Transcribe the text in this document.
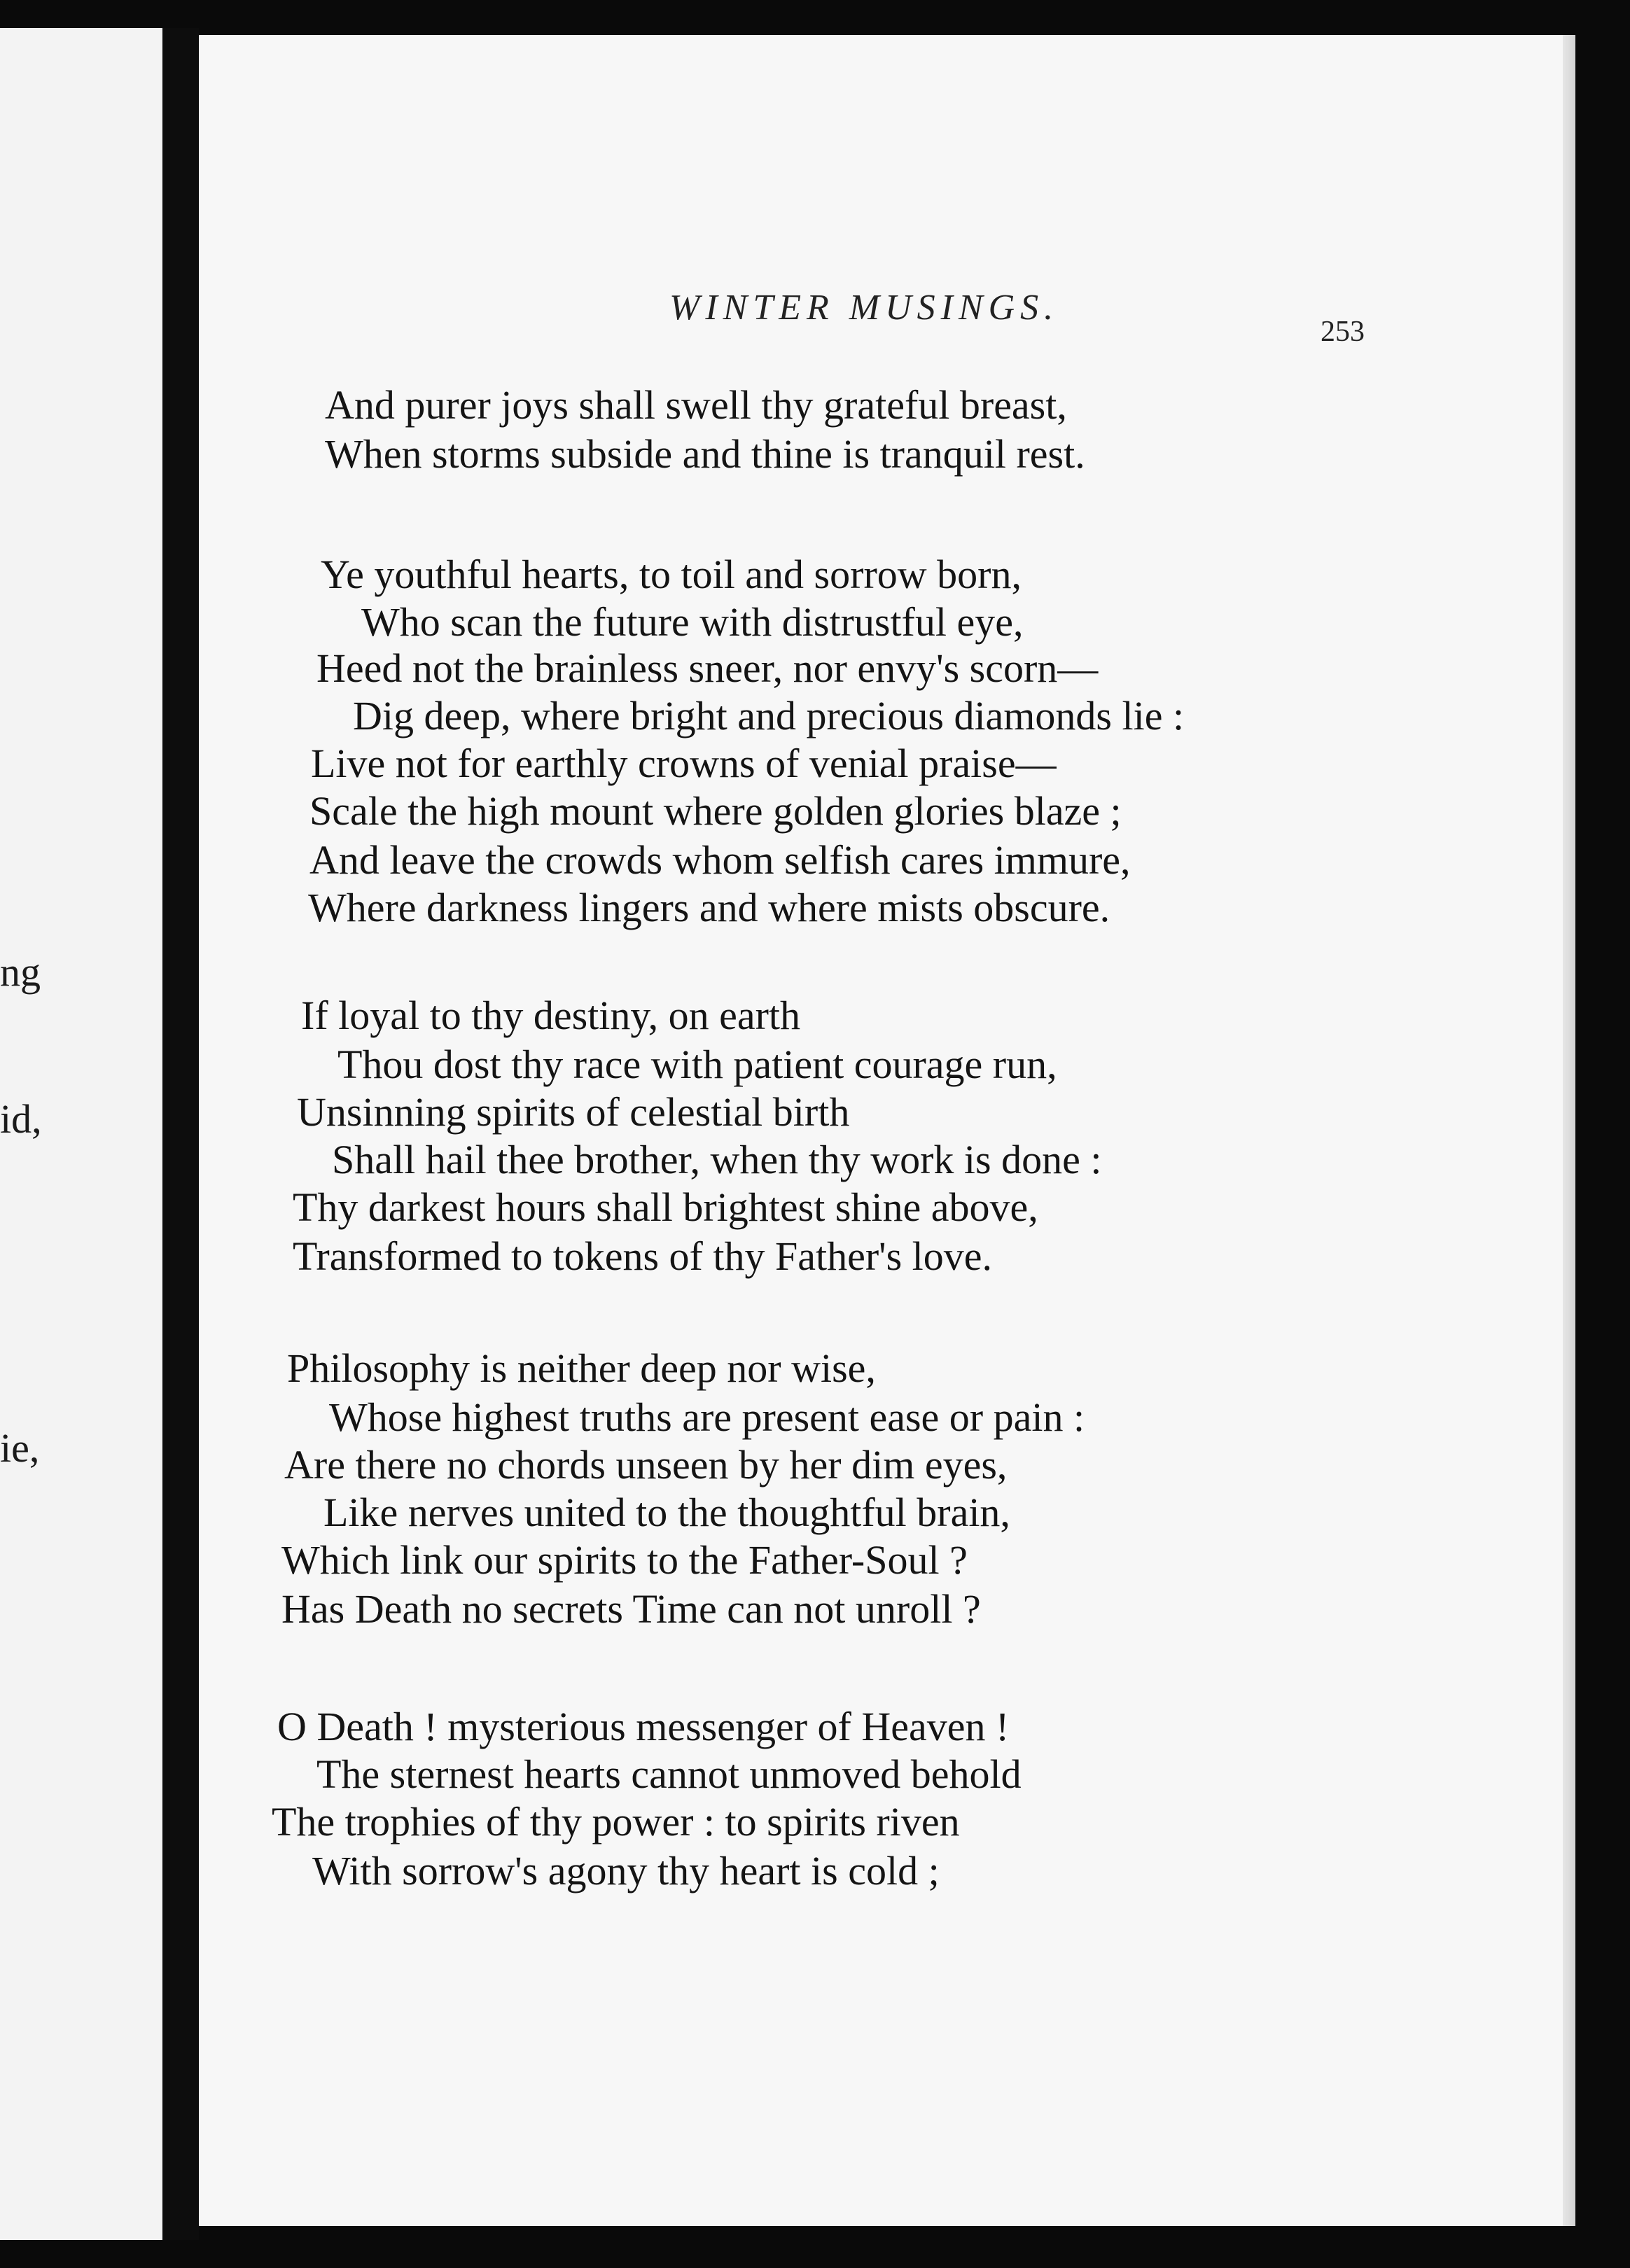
ng
id,
ie,
WINTER MUSINGS.
253
And purer joys shall swell thy grateful breast,
When storms subside and thine is tranquil rest.
Ye youthful hearts, to toil and sorrow born,
Who scan the future with distrustful eye,
Heed not the brainless sneer, nor envy's scorn—
Dig deep, where bright and precious diamonds lie :
Live not for earthly crowns of venial praise—
Scale the high mount where golden glories blaze ;
And leave the crowds whom selfish cares immure,
Where darkness lingers and where mists obscure.
If loyal to thy destiny, on earth
Thou dost thy race with patient courage run,
Unsinning spirits of celestial birth
Shall hail thee brother, when thy work is done :
Thy darkest hours shall brightest shine above,
Transformed to tokens of thy Father's love.
Philosophy is neither deep nor wise,
Whose highest truths are present ease or pain :
Are there no chords unseen by her dim eyes,
Like nerves united to the thoughtful brain,
Which link our spirits to the Father-Soul ?
Has Death no secrets Time can not unroll ?
O Death ! mysterious messenger of Heaven !
The sternest hearts cannot unmoved behold
The trophies of thy power : to spirits riven
With sorrow's agony thy heart is cold ;
